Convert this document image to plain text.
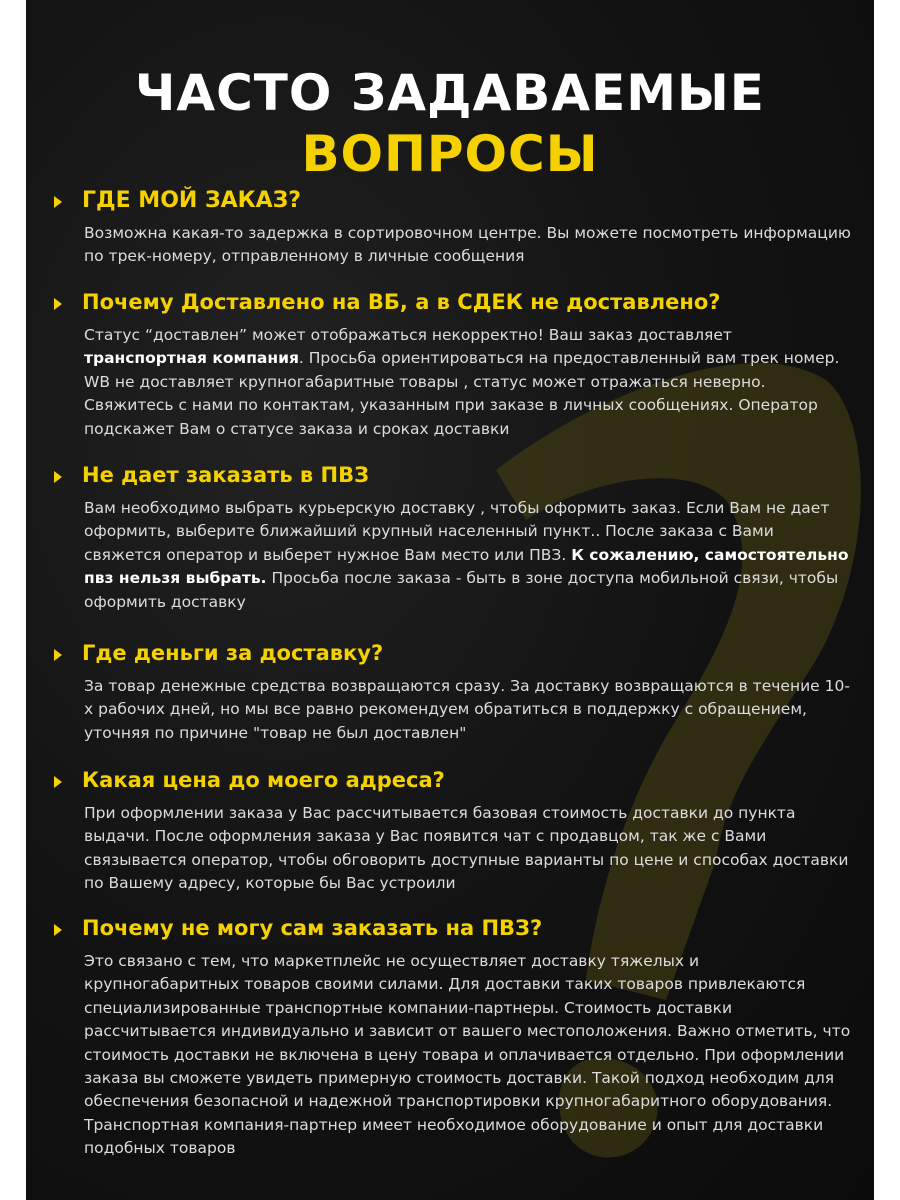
ЧАСТО ЗАДАВАЕМЫЕ
ВОПРОСЫ
ГДЕ МОЙ ЗАКАЗ?
Возможна какая-то задержка в сортировочном центре. Вы можете посмотреть информацию по трек-номеру, отправленному в личные сообщения
Почему Доставлено на ВБ, а в СДЕК не доставлено?
Статус “доставлен” может отображаться некорректно! Ваш заказ доставляет транспортная компания. Просьба ориентироваться на предоставленный вам трек номер. WB не доставляет крупногабаритные товары , статус может отражаться неверно. Свяжитесь с нами по контактам, указанным при заказе в личных сообщениях. Оператор подскажет Вам о статусе заказа и сроках доставки
Не дает заказать в ПВЗ
Вам необходимо выбрать курьерскую доставку , чтобы оформить заказ. Если Вам не дает оформить, выберите ближайший крупный населенный пункт.. После заказа с Вами свяжется оператор и выберет нужное Вам место или ПВЗ. К сожалению, самостоятельно пвз нельзя выбрать. Просьба после заказа - быть в зоне доступа мобильной связи, чтобы оформить доставку
Где деньги за доставку?
За товар денежные средства возвращаются сразу. За доставку возвращаются в течение 10-х рабочих дней, но мы все равно рекомендуем обратиться в поддержку с обращением, уточняя по причине "товар не был доставлен"
Какая цена до моего адреса?
При оформлении заказа у Вас рассчитывается базовая стоимость доставки до пункта выдачи. После оформления заказа у Вас появится чат с продавцом, так же с Вами связывается оператор, чтобы обговорить доступные варианты по цене и способах доставки по Вашему адресу, которые бы Вас устроили
Почему не могу сам заказать на ПВЗ?
Это связано с тем, что маркетплейс не осуществляет доставку тяжелых и крупногабаритных товаров своими силами. Для доставки таких товаров привлекаются специализированные транспортные компании-партнеры. Стоимость доставки рассчитывается индивидуально и зависит от вашего местоположения. Важно отметить, что стоимость доставки не включена в цену товара и оплачивается отдельно. При оформлении заказа вы сможете увидеть примерную стоимость доставки. Такой подход необходим для обеспечения безопасной и надежной транспортировки крупногабаритного оборудования. Транспортная компания-партнер имеет необходимое оборудование и опыт для доставки подобных товаров
